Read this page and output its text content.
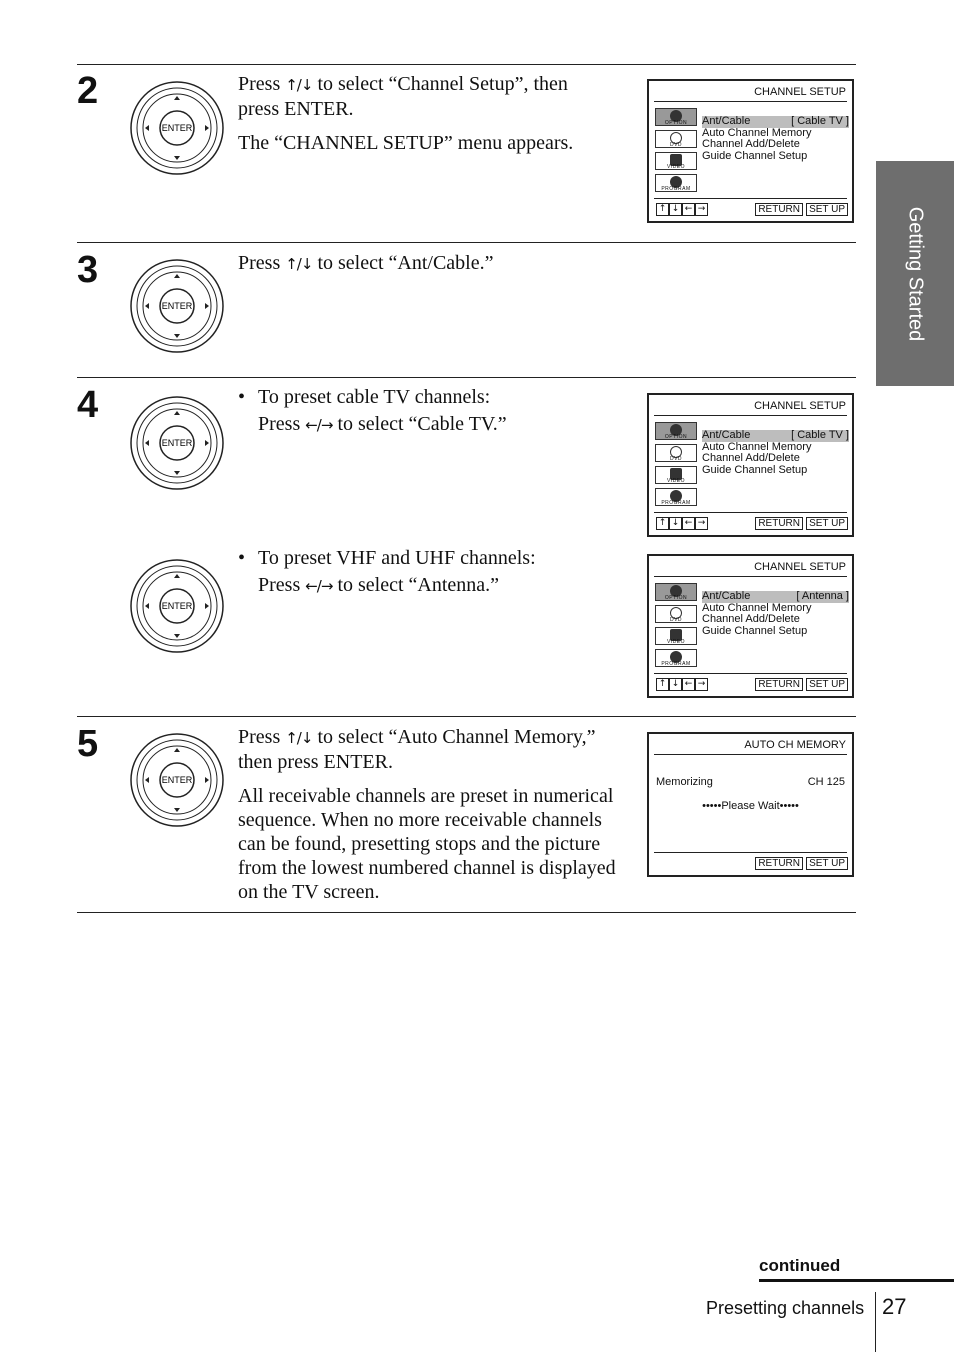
Getting Started
2
ENTER

Press ↑/↓ to select “Channel Setup”, then

press ENTER.

The “CHANNEL SETUP” menu appears.

CHANNEL SETUP
OPTION
DVD
VIDEO
PROGRAM
Ant/Cable	[ Cable TV ]
Auto Channel Memory
Channel Add/Delete
Guide Channel Setup
↑ ↓ ← →	RETURN SET UP
3
ENTER

Press ↑/↓ to select “Ant/Cable.”

4
ENTER
• To preset cable TV channels:
Press ←/→ to select “Cable TV.”
CHANNEL SETUP
OPTION
DVD
VIDEO
PROGRAM
Ant/Cable	[ Cable TV ]
Auto Channel Memory
Channel Add/Delete
Guide Channel Setup
↑ ↓ ← →	RETURN SET UP
ENTER
• To preset VHF and UHF channels:
Press ←/→ to select “Antenna.”
CHANNEL SETUP
OPTION
DVD
VIDEO
PROGRAM
Ant/Cable	[ Antenna ]
Auto Channel Memory
Channel Add/Delete
Guide Channel Setup
↑ ↓ ← →	RETURN SET UP
5
ENTER

Press ↑/↓ to select “Auto Channel Memory,”

then press ENTER.

All receivable channels are preset in numerical

sequence. When no more receivable channels

can be found, presetting stops and the picture

from the lowest numbered channel is displayed

on the TV screen.

AUTO CH MEMORY
Memorizing	CH 125
•••••Please Wait•••••
RETURN SET UP
continued
Presetting channels 27
